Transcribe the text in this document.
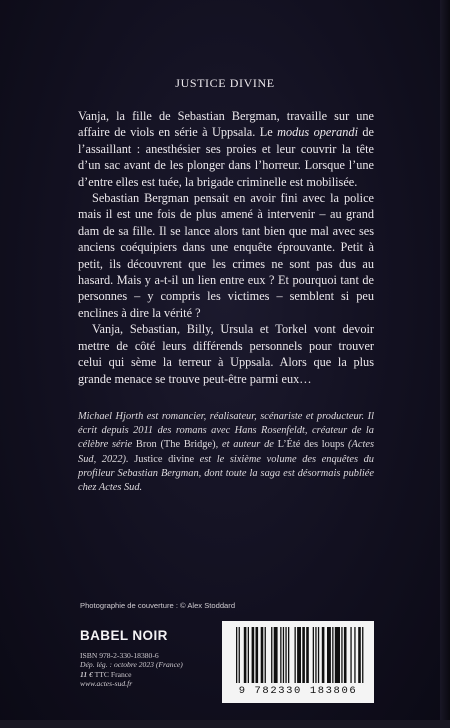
JUSTICE DIVINE

Vanja, la fille de Sebastian Bergman, travaille sur une affaire de viols en série à Uppsala. Le modus operandi de l’assaillant : anesthésier ses proies et leur couvrir la tête d’un sac avant de les plonger dans l’horreur. Lorsque l’une d’entre elles est tuée, la brigade criminelle est mobilisée.

Sebastian Bergman pensait en avoir fini avec la police mais il est une fois de plus amené à intervenir – au grand dam de sa fille. Il se lance alors tant bien que mal avec ses anciens coéquipiers dans une enquête éprouvante. Petit à petit, ils découvrent que les crimes ne sont pas dus au hasard. Mais y a-t-il un lien entre eux ? Et pourquoi tant de personnes – y compris les victimes – semblent si peu enclines à dire la vérité ?

Vanja, Sebastian, Billy, Ursula et Torkel vont devoir mettre de côté leurs différends personnels pour trouver celui qui sème la terreur à Uppsala. Alors que la plus grande menace se trouve peut-être parmi eux…

Michael Hjorth est romancier, réalisateur, scénariste et producteur. Il écrit depuis 2011 des romans avec Hans Rosenfeldt, créateur de la célèbre série Bron (The Bridge), et auteur de L’Été des loups (Actes Sud, 2022). Justice divine est le sixième volume des enquêtes du profileur Sebastian Bergman, dont toute la saga est désormais publiée chez Actes Sud.
Photographie de couverture : © Alex Stoddard
BABEL NOIR
ISBN 978-2-330-18380-6
Dép. lég. : octobre 2023 (France)
11 € TTC France
www.actes-sud.fr
9 782330 183806
